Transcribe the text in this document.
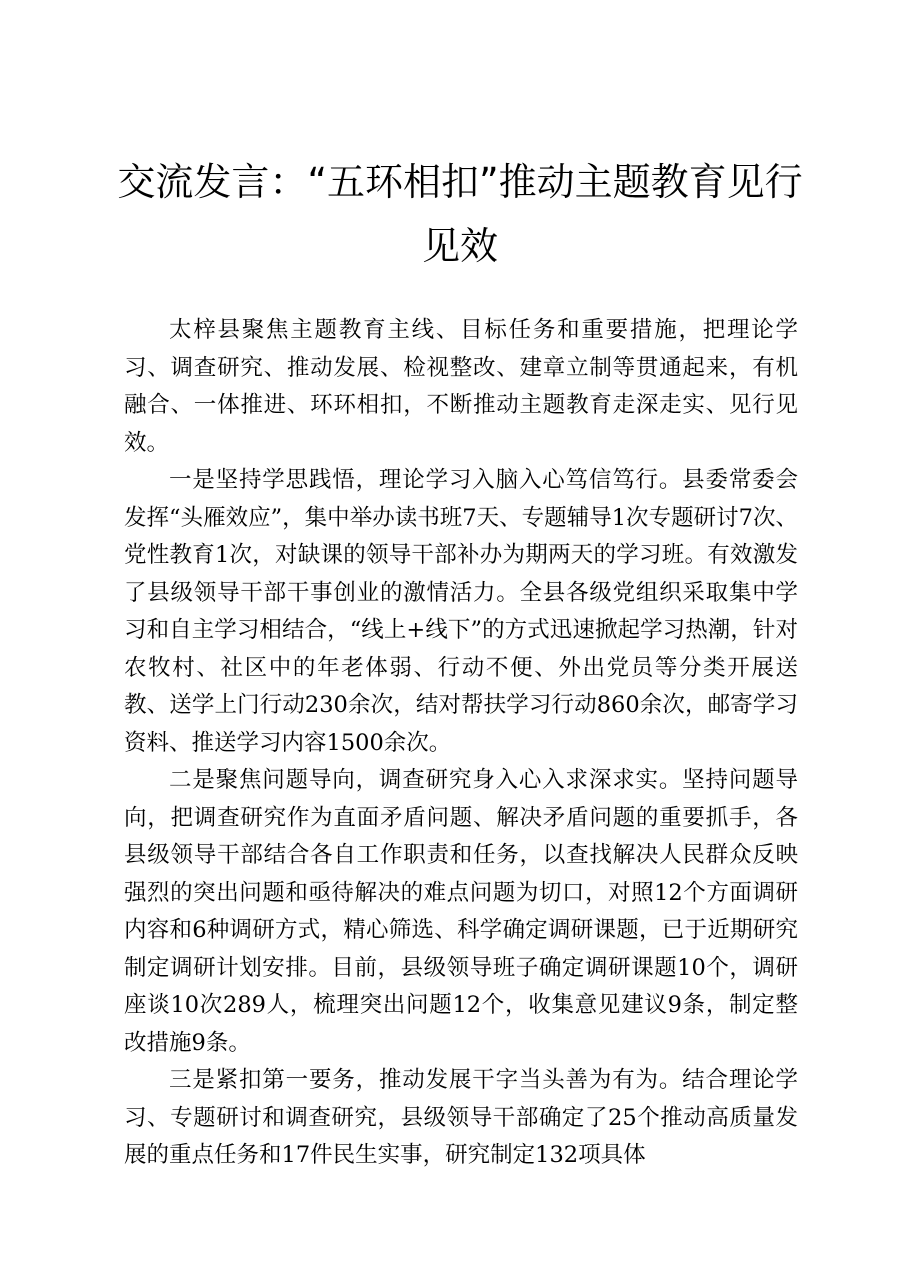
交流发言：“五环相扣”推动主题教育见行见效

太梓县聚焦主题教育主线、目标任务和重要措施，把理论学习、调查研究、推动发展、检视整改、建章立制等贯通起来，有机融合、一体推进、环环相扣，不断推动主题教育走深走实、见行见效。

一是坚持学思践悟，理论学习入脑入心笃信笃行。县委常委会发挥“头雁效应”，集中举办读书班7天、专题辅导1次专题研讨7次、党性教育1次，对缺课的领导干部补办为期两天的学习班。有效激发了县级领导干部干事创业的激情活力。全县各级党组织采取集中学习和自主学习相结合，“线上+线下”的方式迅速掀起学习热潮，针对农牧村、社区中的年老体弱、行动不便、外出党员等分类开展送教、送学上门行动230余次，结对帮扶学习行动860余次，邮寄学习资料、推送学习内容1500余次。

二是聚焦问题导向，调查研究身入心入求深求实。坚持问题导向，把调查研究作为直面矛盾问题、解决矛盾问题的重要抓手，各县级领导干部结合各自工作职责和任务，以查找解决人民群众反映强烈的突出问题和亟待解决的难点问题为切口，对照12个方面调研内容和6种调研方式，精心筛选、科学确定调研课题，已于近期研究制定调研计划安排。目前，县级领导班子确定调研课题10个，调研座谈10次289人，梳理突出问题12个，收集意见建议9条，制定整改措施9条。

三是紧扣第一要务，推动发展干字当头善为有为。结合理论学习、专题研讨和调查研究，县级领导干部确定了25个推动高质量发展的重点任务和17件民生实事，研究制定132项具体
